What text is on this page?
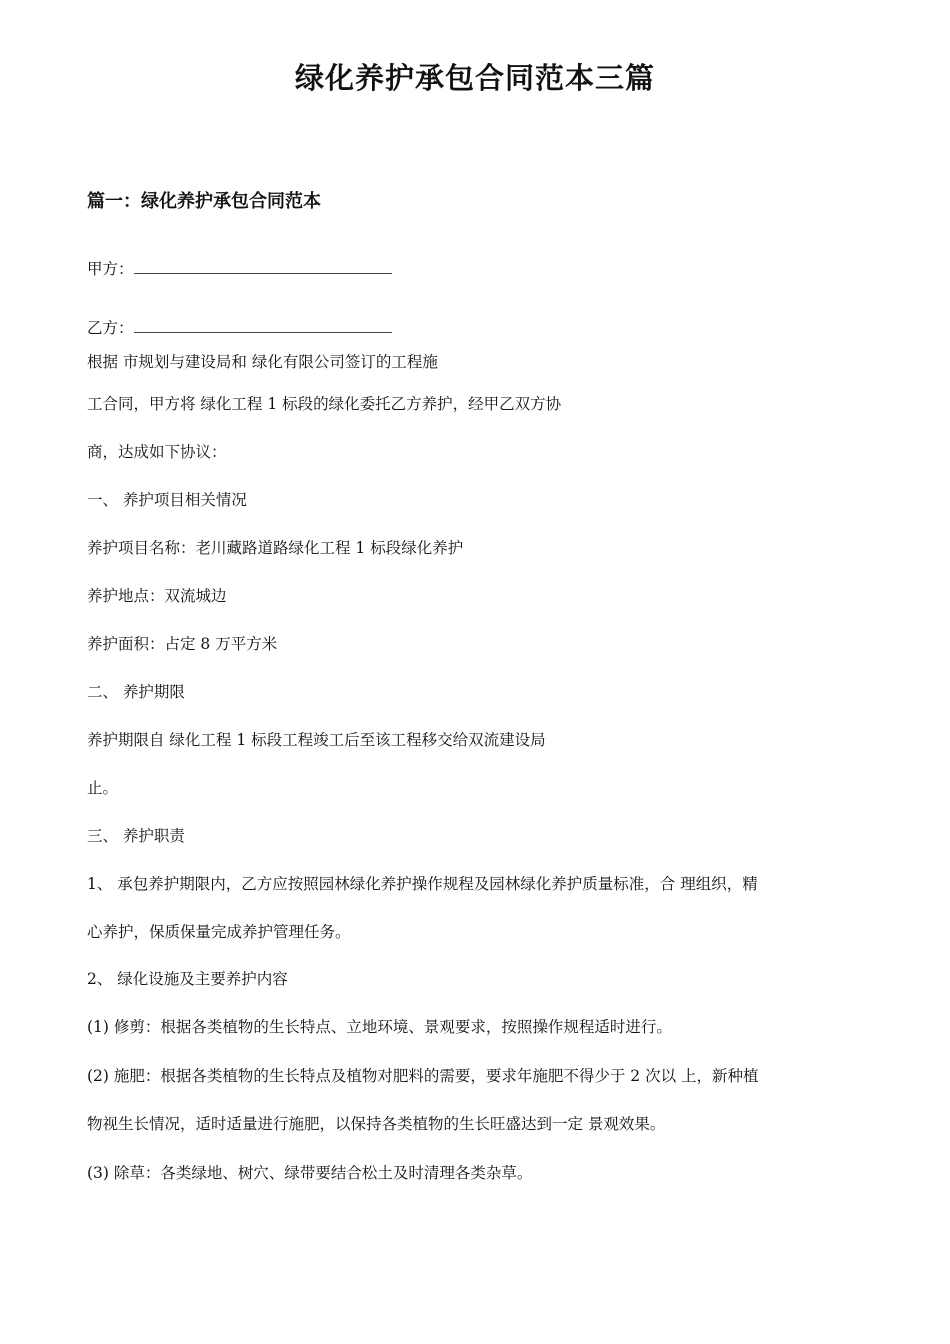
绿化养护承包合同范本三篇
篇一：绿化养护承包合同范本
甲方：
乙方：
根据 市规划与建设局和 绿化有限公司签订的工程施
工合同，甲方将 绿化工程 1 标段的绿化委托乙方养护，经甲乙双方协
商，达成如下协议：
一、 养护项目相关情况
养护项目名称：老川藏路道路绿化工程 1 标段绿化养护
养护地点：双流城边
养护面积：占定 8 万平方米
二、 养护期限
养护期限自 绿化工程 1 标段工程竣工后至该工程移交给双流建设局
止。
三、 养护职责
1、 承包养护期限内，乙方应按照园林绿化养护操作规程及园林绿化养护质量标准，合 理组织，精
心养护，保质保量完成养护管理任务。
2、 绿化设施及主要养护内容
(1) 修剪：根据各类植物的生长特点、立地环境、景观要求，按照操作规程适时进行。
(2) 施肥：根据各类植物的生长特点及植物对肥料的需要，要求年施肥不得少于 2 次以 上，新种植
物视生长情况，适时适量进行施肥，以保持各类植物的生长旺盛达到一定 景观效果。
(3) 除草：各类绿地、树穴、绿带要结合松土及时清理各类杂草。
